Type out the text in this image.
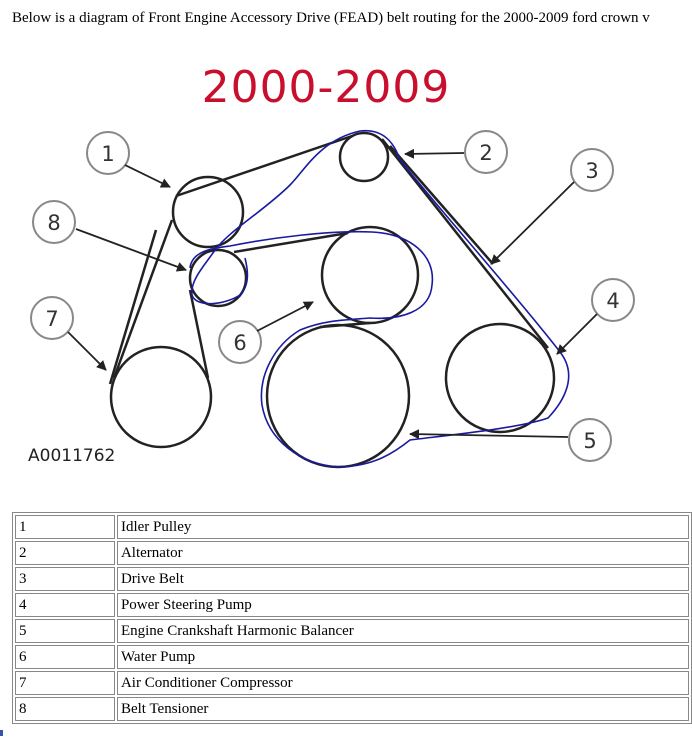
Below is a diagram of Front Engine Accessory Drive (FEAD) belt routing for the 2000-2009 ford crown v
2000-2009
1	2
3
4
5
6
7
8
A0011762
1	Idler Pulley
2	Alternator
3	Drive Belt
4	Power Steering Pump
5	Engine Crankshaft Harmonic Balancer
6	Water Pump
7	Air Conditioner Compressor
8	Belt Tensioner
